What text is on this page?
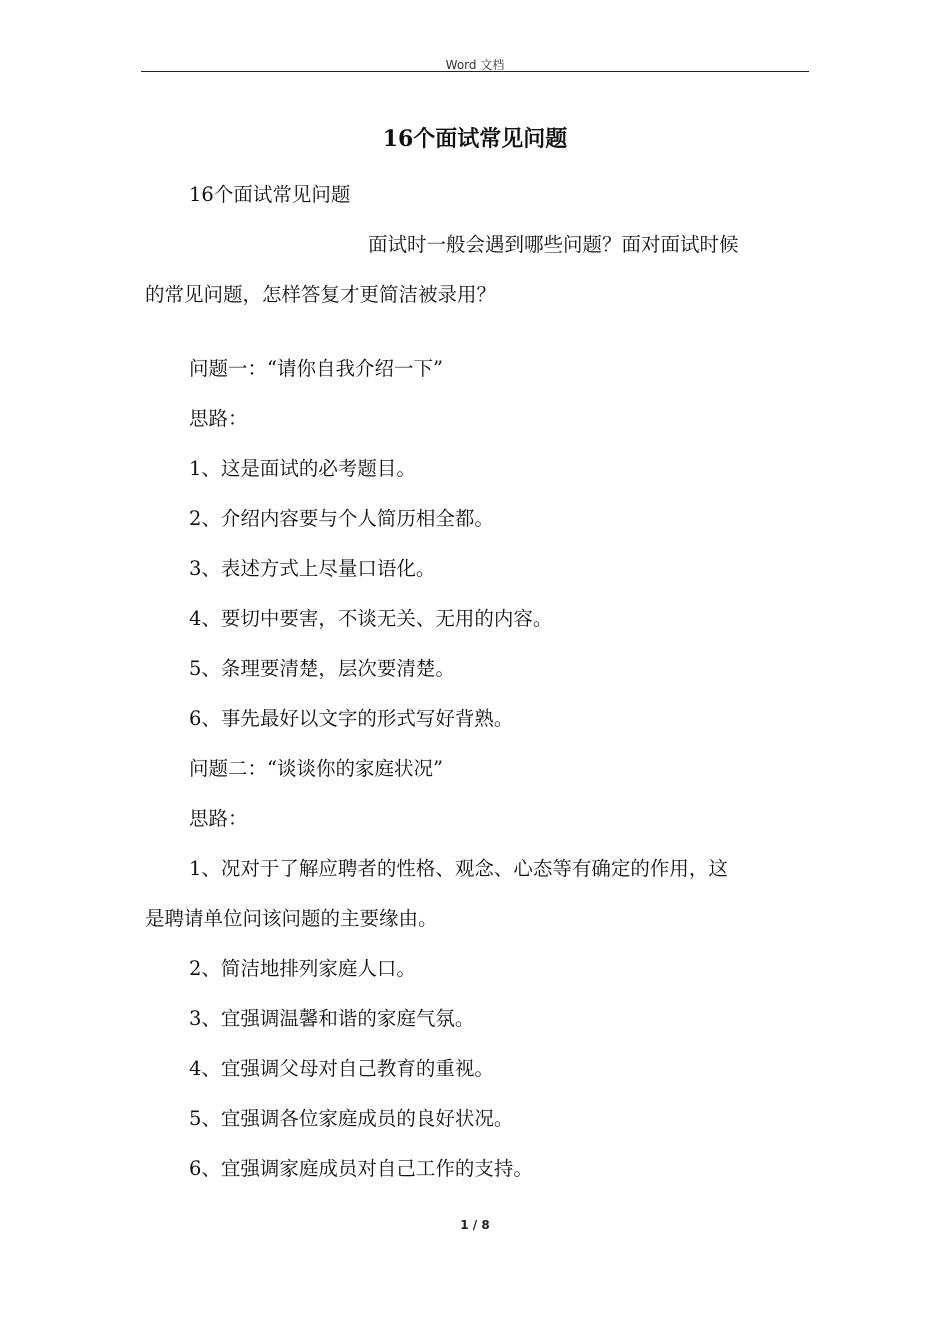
Word 文档

16个面试常见问题

16个面试常见问题

面试时一般会遇到哪些问题？面对面试时候

的常见问题，怎样答复才更简洁被录用？

问题一：“请你自我介绍一下”

思路：

1、这是面试的必考题目。

2、介绍内容要与个人简历相全都。

3、表述方式上尽量口语化。

4、要切中要害，不谈无关、无用的内容。

5、条理要清楚，层次要清楚。

6、事先最好以文字的形式写好背熟。

问题二：“谈谈你的家庭状况”

思路：

1、况对于了解应聘者的性格、观念、心态等有确定的作用，这

是聘请单位问该问题的主要缘由。

2、简洁地排列家庭人口。

3、宜强调温馨和谐的家庭气氛。

4、宜强调父母对自己教育的重视。

5、宜强调各位家庭成员的良好状况。

6、宜强调家庭成员对自己工作的支持。

1 / 8
